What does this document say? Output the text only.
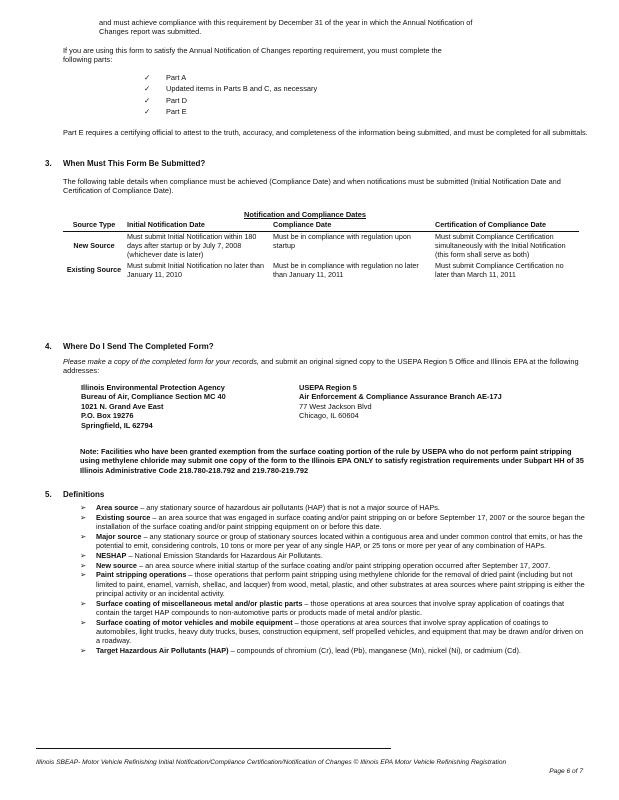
and must achieve compliance with this requirement by December 31 of the year in which the Annual Notification of

Changes report was submitted.

If you are using this form to satisfy the Annual Notification of Changes reporting requirement, you must complete the

following parts:

✓ Part A
✓ Updated items in Parts B and C, as necessary
✓ Part D
✓ Part E

Part E requires a certifying official to attest to the truth, accuracy, and completeness of the information being submitted, and must be completed for all submittals.

3. When Must This Form Be Submitted?

The following table details when compliance must be achieved (Compliance Date) and when notifications must be submitted (Initial Notification Date and Certification of Compliance Date).

Notification and Compliance Dates
Source Type	Initial Notification Date	Compliance Date	Certification of Compliance Date
New Source	Must submit Initial Notification within 180 days after startup or by July 7, 2008 (whichever date is later)	Must be in compliance with regulation upon startup	Must submit Compliance Certification simultaneously with the Initial Notification (this form shall serve as both)
Existing Source	Must submit Initial Notification no later than January 11, 2010	Must be in compliance with regulation no later than January 11, 2011	Must submit Compliance Certification no later than March 11, 2011

4. Where Do I Send The Completed Form?

Please make a copy of the completed form for your records, and submit an original signed copy to the USEPA Region 5 Office and Illinois EPA at the following addresses:

Illinois Environmental Protection Agency
Bureau of Air, Compliance Section MC 40
1021 N. Grand Ave East
P.O. Box 19276
Springfield, IL 62794
USEPA Region 5
Air Enforcement & Compliance Assurance Branch AE-17J
77 West Jackson Blvd
Chicago, IL 60604

Note: Facilities who have been granted exemption from the surface coating portion of the rule by USEPA who do not perform paint stripping using methylene chloride may submit one copy of the form to the Illinois EPA ONLY to satisfy registration requirements under Subpart HH of 35 Illinois Administrative Code 218.780-218.792 and 219.780-219.792

5. Definitions

➢ Area source – any stationary source of hazardous air pollutants (HAP) that is not a major source of HAPs.
➢ Existing source – an area source that was engaged in surface coating and/or paint stripping on or before September 17, 2007 or the source began the installation of the surface coating and/or paint stripping equipment on or before this date.
➢ Major source – any stationary source or group of stationary sources located within a contiguous area and under common control that emits, or has the potential to emit, considering controls, 10 tons or more per year of any single HAP, or 25 tons or more per year of any combination of HAPs.
➢ NESHAP – National Emission Standards for Hazardous Air Pollutants.
➢ New source – an area source where initial startup of the surface coating and/or paint stripping operation occurred after September 17, 2007.
➢ Paint stripping operations – those operations that perform paint stripping using methylene chloride for the removal of dried paint (including but not limited to paint, enamel, varnish, shellac, and lacquer) from wood, metal, plastic, and other substrates at area sources where paint stripping is either the principal activity or an incidental activity.
➢ Surface coating of miscellaneous metal and/or plastic parts – those operations at area sources that involve spray application of coatings that contain the target HAP compounds to non-automotive parts or products made of metal and/or plastic.
➢ Surface coating of motor vehicles and mobile equipment – those operations at area sources that involve spray application of coatings to automobiles, light trucks, heavy duty trucks, buses, construction equipment, self propelled vehicles, and equipment that may be drawn and/or driven on a roadway.
➢ Target Hazardous Air Pollutants (HAP) – compounds of chromium (Cr), lead (Pb), manganese (Mn), nickel (Ni), or cadmium (Cd).
Illinois SBEAP- Motor Vehicle Refinishing Initial Notification/Compliance Certification/Notification of Changes © Illinois EPA Motor Vehicle Refinishing Registration
Page 6 of 7
